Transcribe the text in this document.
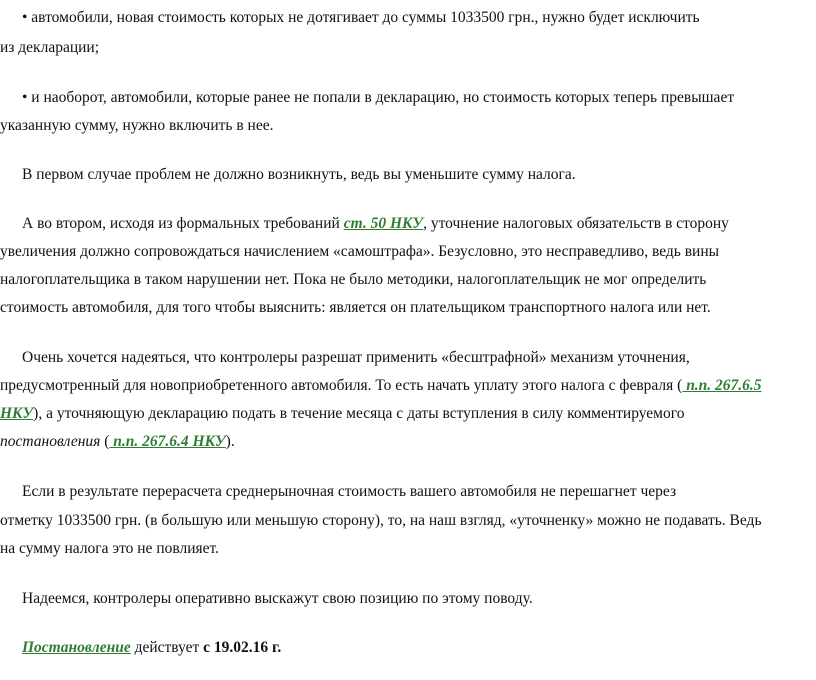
• автомобили, новая стоимость которых не дотягивает до суммы 1033500 грн., нужно будет исключить
из декларации;
• и наоборот, автомобили, которые ранее не попали в декларацию, но стоимость которых теперь превышает
указанную сумму, нужно включить в нее.
В первом случае проблем не должно возникнуть, ведь вы уменьшите сумму налога.
А во втором, исходя из формальных требований ст. 50 НКУ, уточнение налоговых обязательств в сторону
увеличения должно сопровождаться начислением «самоштрафа». Безусловно, это несправедливо, ведь вины
налогоплательщика в таком нарушении нет. Пока не было методики, налогоплательщик не мог определить
стоимость автомобиля, для того чтобы выяснить: является он плательщиком транспортного налога или нет.
Очень хочется надеяться, что контролеры разрешат применить «бесштрафной» механизм уточнения,
предусмотренный для новоприобретенного автомобиля. То есть начать уплату этого налога с февраля ( п.п. 267.6.5
НКУ), а уточняющую декларацию подать в течение месяца с даты вступления в силу комментируемого
постановления ( п.п. 267.6.4 НКУ).
Если в результате перерасчета среднерыночная стоимость вашего автомобиля не перешагнет через
отметку 1033500 грн. (в большую или меньшую сторону), то, на наш взгляд, «уточненку» можно не подавать. Ведь
на сумму налога это не повлияет.
Надеемся, контролеры оперативно выскажут свою позицию по этому поводу.
Постановление действует с 19.02.16 г.
